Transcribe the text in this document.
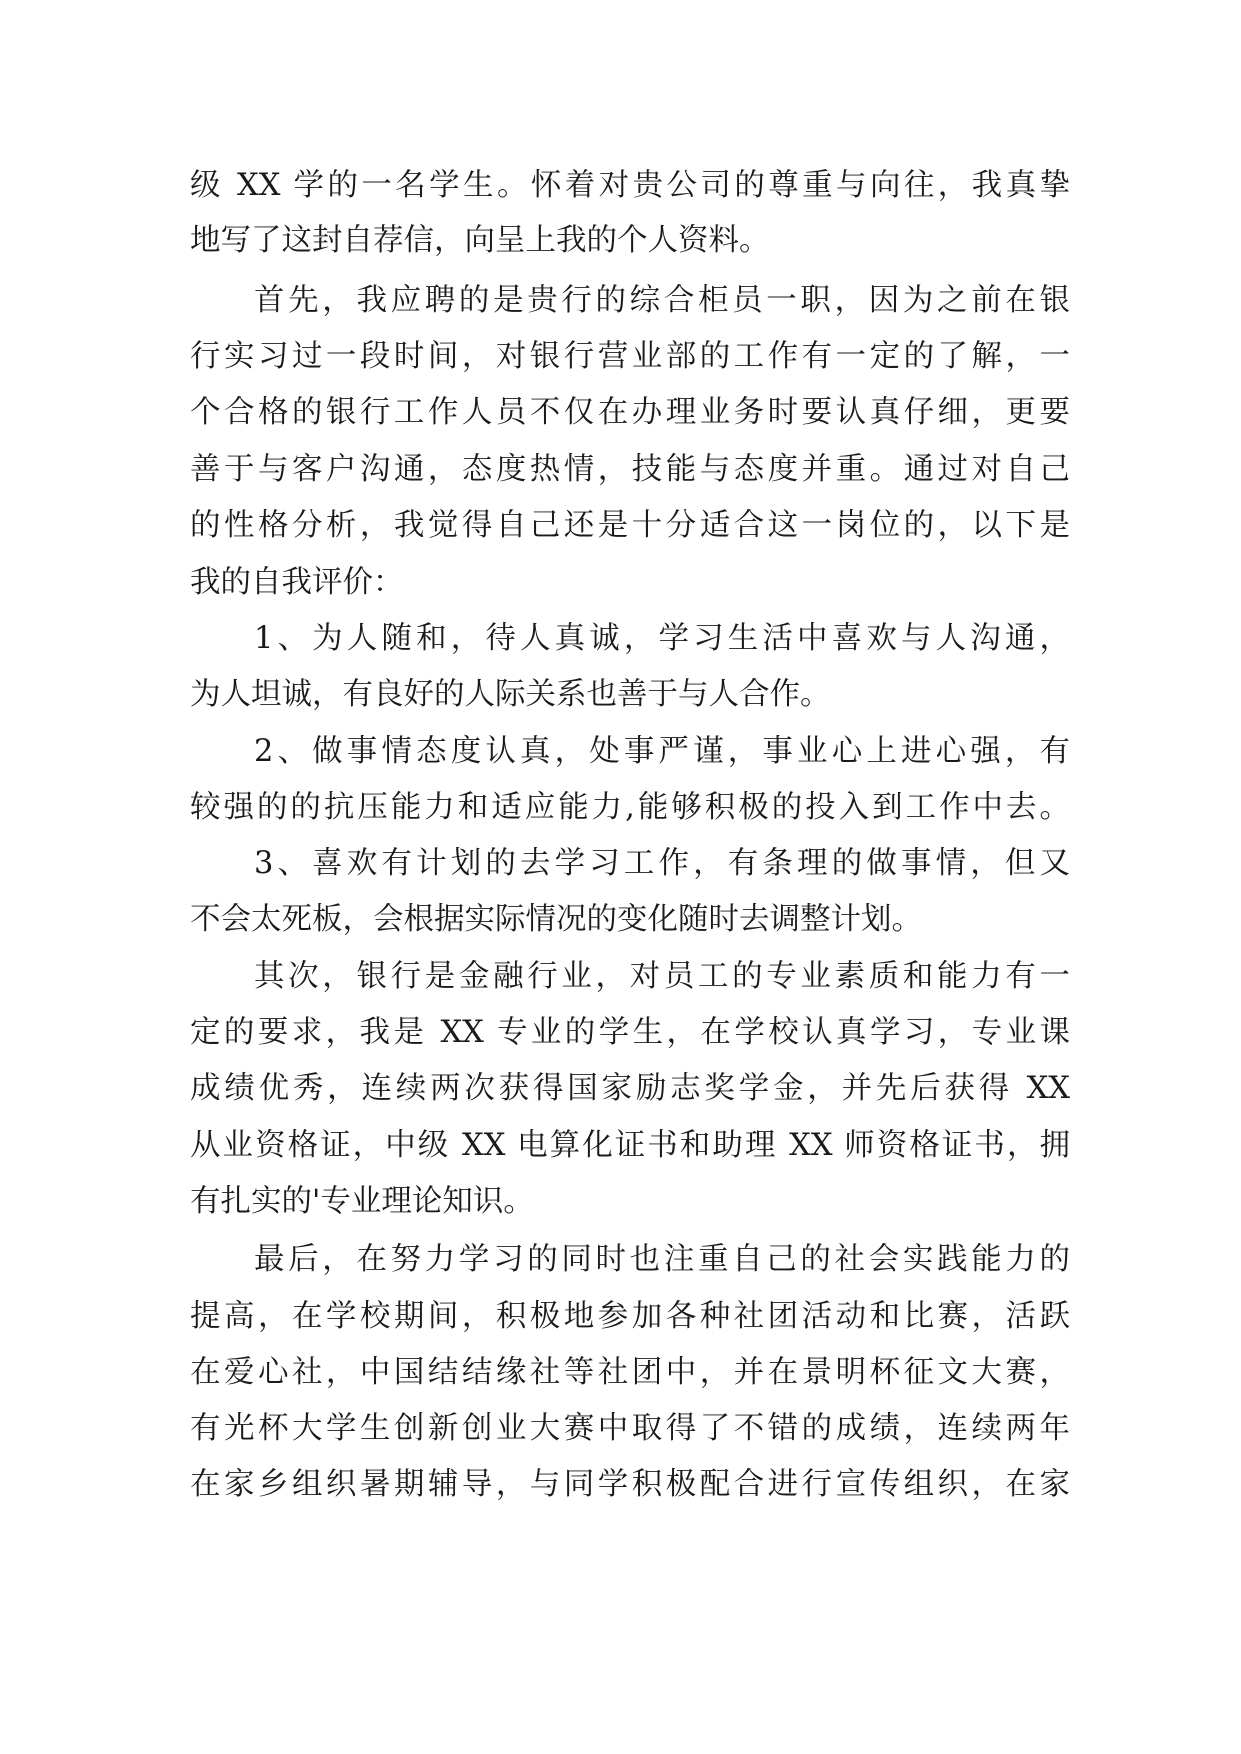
级 XX 学的一名学生。怀着对贵公司的尊重与向往，我真挚
地写了这封自荐信，向呈上我的个人资料。
首先，我应聘的是贵行的综合柜员一职，因为之前在银
行实习过一段时间，对银行营业部的工作有一定的了解，一
个合格的银行工作人员不仅在办理业务时要认真仔细，更要
善于与客户沟通，态度热情，技能与态度并重。通过对自己
的性格分析，我觉得自己还是十分适合这一岗位的，以下是
我的自我评价：
1、为人随和，待人真诚，学习生活中喜欢与人沟通，
为人坦诚，有良好的人际关系也善于与人合作。
2、做事情态度认真，处事严谨，事业心上进心强，有
较强的的抗压能力和适应能力,能够积极的投入到工作中去。
3、喜欢有计划的去学习工作，有条理的做事情，但又
不会太死板，会根据实际情况的变化随时去调整计划。
其次，银行是金融行业，对员工的专业素质和能力有一
定的要求，我是 XX 专业的学生，在学校认真学习，专业课
成绩优秀，连续两次获得国家励志奖学金，并先后获得 XX
从业资格证，中级 XX 电算化证书和助理 XX 师资格证书，拥
有扎实的'专业理论知识。
最后，在努力学习的同时也注重自己的社会实践能力的
提高，在学校期间，积极地参加各种社团活动和比赛，活跃
在爱心社，中国结结缘社等社团中，并在景明杯征文大赛，
有光杯大学生创新创业大赛中取得了不错的成绩，连续两年
在家乡组织暑期辅导，与同学积极配合进行宣传组织，在家
